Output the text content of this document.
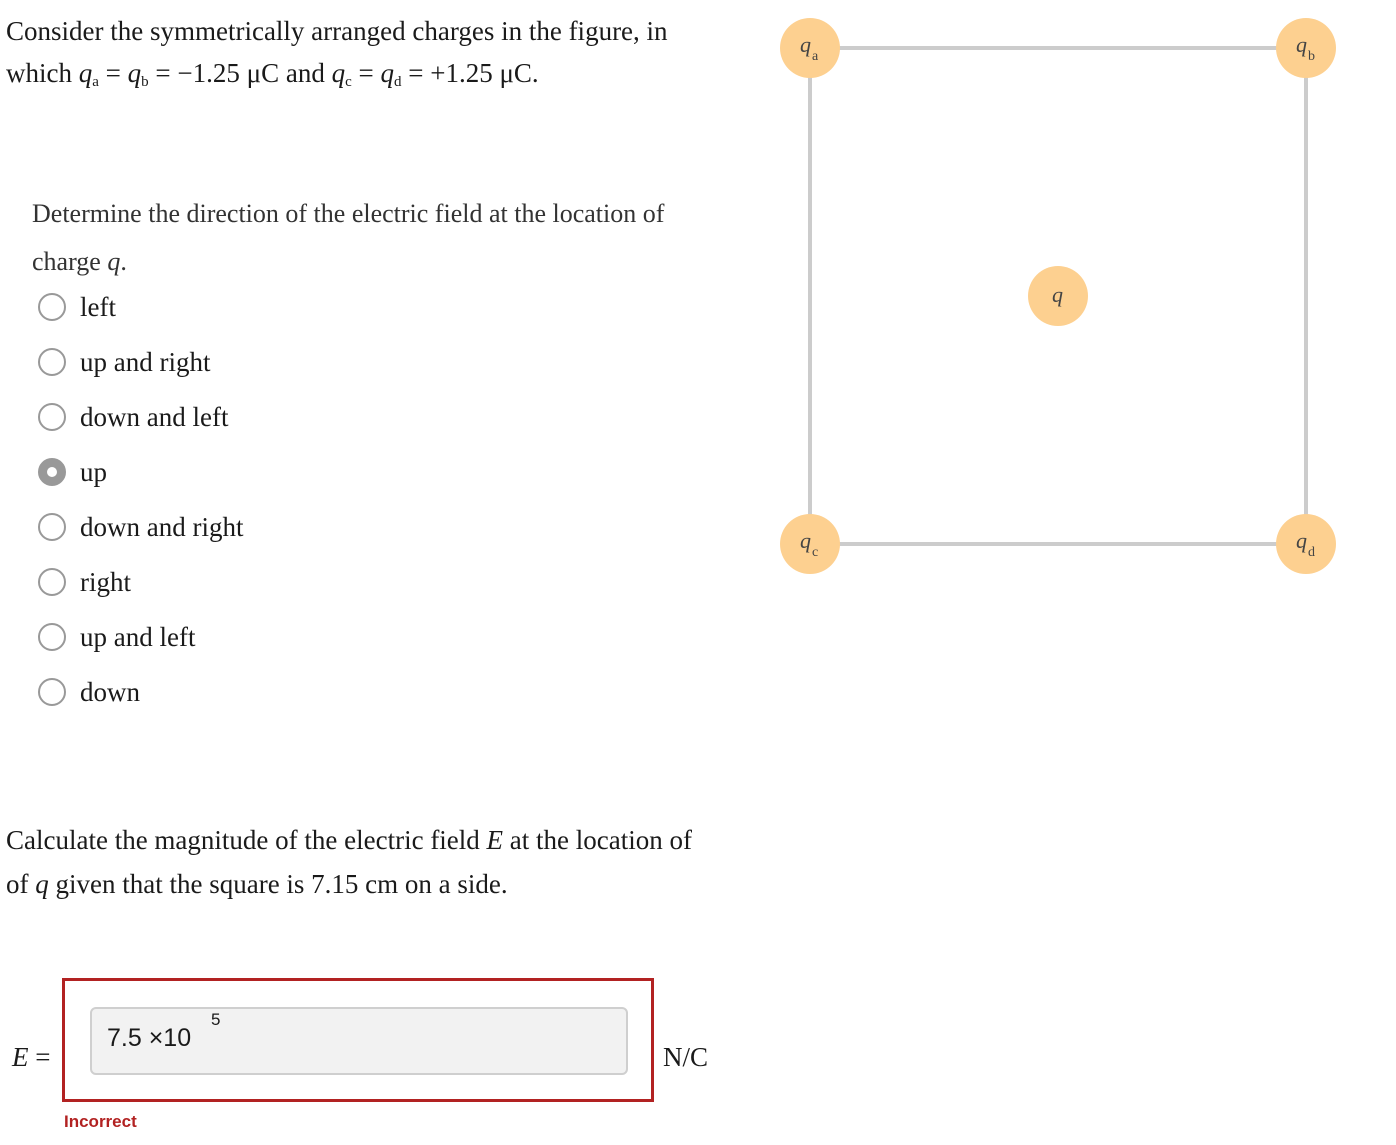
Consider the symmetrically arranged charges in the figure, in
which $q_a = q_b = -1.25$ μC and $q_c = q_d = +1.25$ μC.
Determine the direction of the electric field at the location of charge q.
left
up and right
down and left
up
down and right
right
up and left
down
Calculate the magnitude of the electric field E at the location of
of q given that the square is 7.15 cm on a side.
E =
7.5 ×10
5
N/C
Incorrect
q a	q b
q c	q d
q
